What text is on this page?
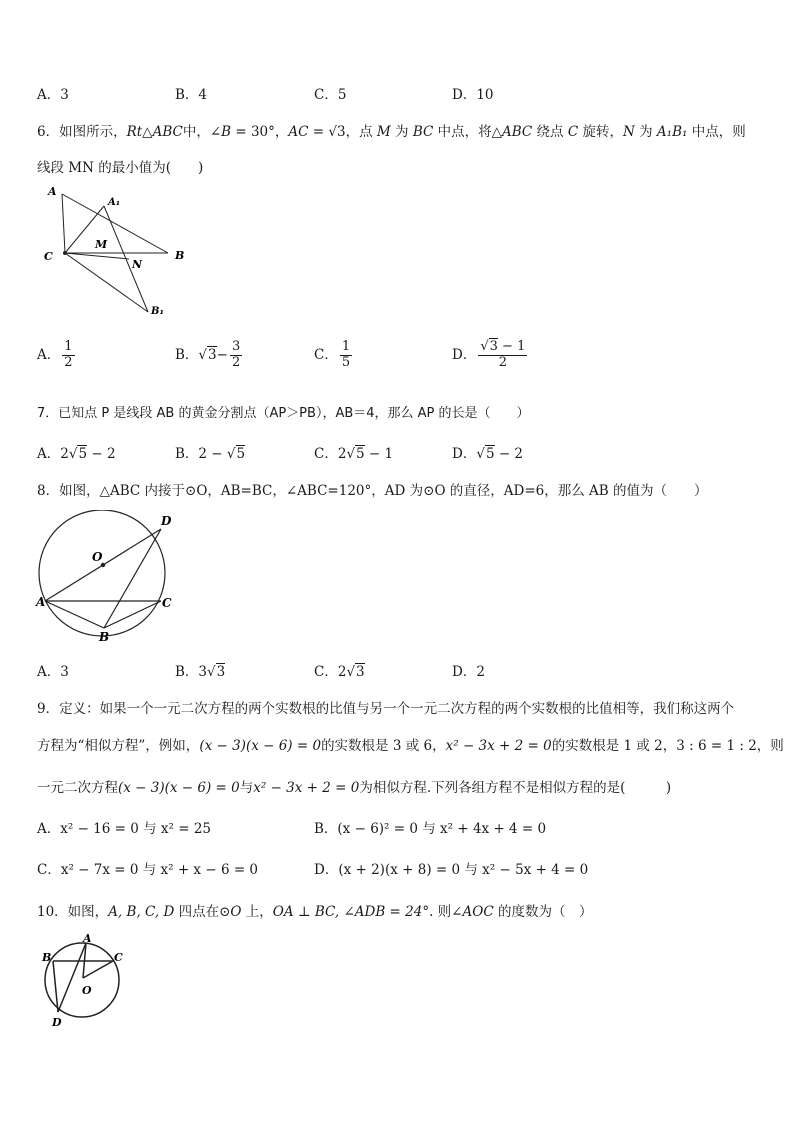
A．3	B．4	C．5	D．10
6．如图所示，Rt△ABC中，∠B = 30°，AC = √3，点 M 为 BC 中点，将△ABC 绕点 C 旋转，N 为 A₁B₁ 中点，则
线段 MN 的最小值为(　　)
A
A₁
M
C
N
B
B₁
A． $\frac{1}{2}$	B．$√3- \frac{3}{2}$	C． $\frac{1}{5}$	D． $\frac{√3 - 1}{2}$
7．已知点 P 是线段 AB 的黄金分割点（AP＞PB），AB＝4，那么 AP 的长是（　　）
A．2√5 − 2	B．2 − √5	C．2√5 − 1	D．√5 − 2
8．如图，△ABC 内接于⊙O，AB=BC，∠ABC=120°，AD 为⊙O 的直径，AD=6，那么 AB 的值为（　　）
D
O
A	C
B
A．3	B．3√3	C．2√3	D．2
9．定义：如果一个一元二次方程的两个实数根的比值与另一个一元二次方程的两个实数根的比值相等，我们称这两个
方程为“相似方程”，例如，(x − 3)(x − 6) = 0的实数根是 3 或 6，x² − 3x + 2 = 0的实数根是 1 或 2，3 : 6 = 1 : 2，则
一元二次方程(x − 3)(x − 6) = 0与x² − 3x + 2 = 0为相似方程.下列各组方程不是相似方程的是(　　　)
A．x² − 16 = 0 与 x² = 25	B．(x − 6)² = 0 与 x² + 4x + 4 = 0
C．x² − 7x = 0 与 x² + x − 6 = 0	D．(x + 2)(x + 8) = 0 与 x² − 5x + 4 = 0
10．如图，A, B, C, D 四点在⊙O 上，OA ⊥ BC, ∠ADB = 24°. 则∠AOC 的度数为（　）
A
B	C
O
D
